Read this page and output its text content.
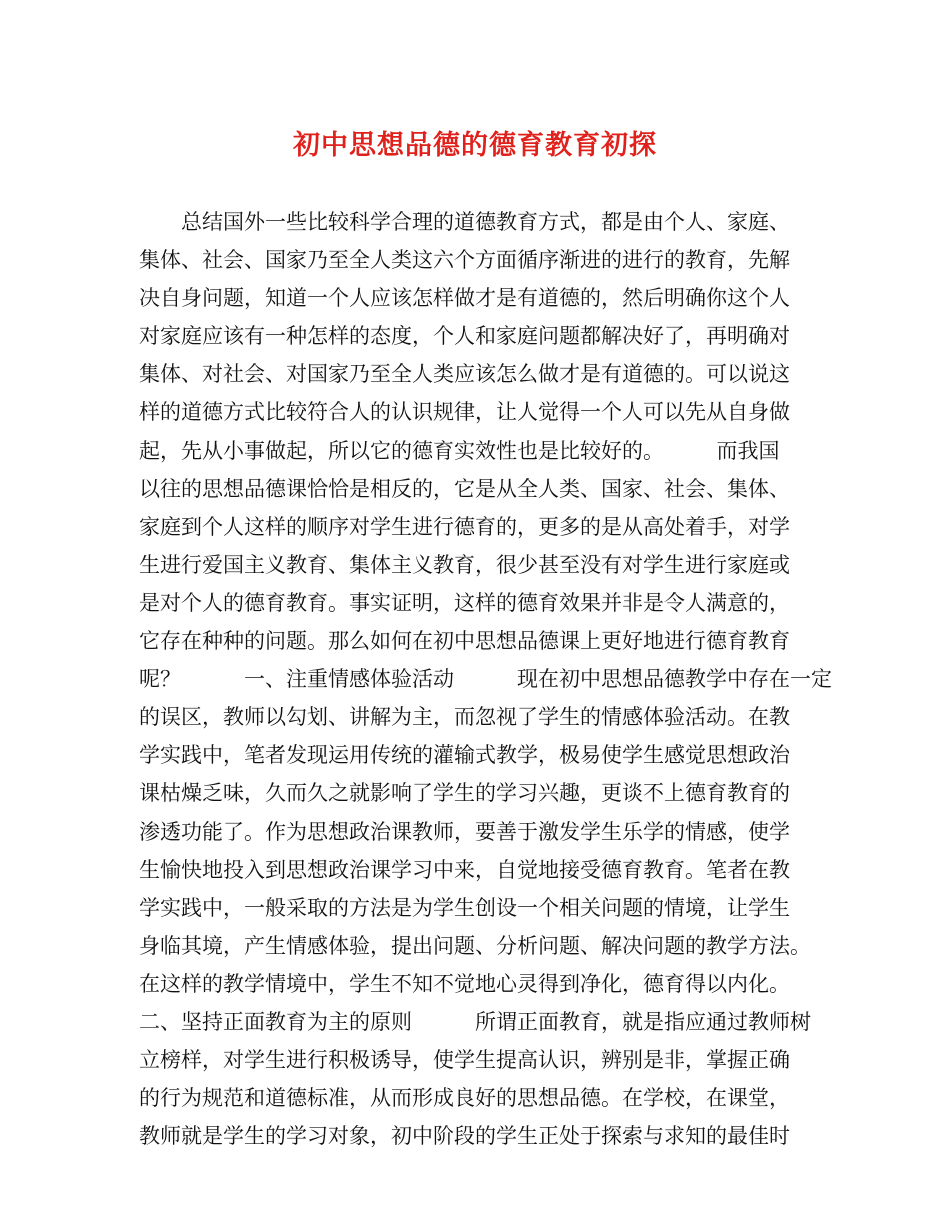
初中思想品德的德育教育初探
　　总结国外一些比较科学合理的道德教育方式，都是由个人、家庭、
集体、社会、国家乃至全人类这六个方面循序渐进的进行的教育，先解
决自身问题，知道一个人应该怎样做才是有道德的，然后明确你这个人
对家庭应该有一种怎样的态度，个人和家庭问题都解决好了，再明确对
集体、对社会、对国家乃至全人类应该怎么做才是有道德的。可以说这
样的道德方式比较符合人的认识规律，让人觉得一个人可以先从自身做
起，先从小事做起，所以它的德育实效性也是比较好的。　　　而我国
以往的思想品德课恰恰是相反的，它是从全人类、国家、社会、集体、
家庭到个人这样的顺序对学生进行德育的，更多的是从高处着手，对学
生进行爱国主义教育、集体主义教育，很少甚至没有对学生进行家庭或
是对个人的德育教育。事实证明，这样的德育效果并非是令人满意的，
它存在种种的问题。那么如何在初中思想品德课上更好地进行德育教育
呢？　　　一、注重情感体验活动　　　现在初中思想品德教学中存在一定
的误区，教师以勾划、讲解为主，而忽视了学生的情感体验活动。在教
学实践中，笔者发现运用传统的灌输式教学，极易使学生感觉思想政治
课枯燥乏味，久而久之就影响了学生的学习兴趣，更谈不上德育教育的
渗透功能了。作为思想政治课教师，要善于激发学生乐学的情感，使学
生愉快地投入到思想政治课学习中来，自觉地接受德育教育。笔者在教
学实践中，一般采取的方法是为学生创设一个相关问题的情境，让学生
身临其境，产生情感体验，提出问题、分析问题、解决问题的教学方法。
在这样的教学情境中，学生不知不觉地心灵得到净化，德育得以内化。
二、坚持正面教育为主的原则　　　所谓正面教育，就是指应通过教师树
立榜样，对学生进行积极诱导，使学生提高认识，辨别是非，掌握正确
的行为规范和道德标准，从而形成良好的思想品德。在学校，在课堂，
教师就是学生的学习对象，初中阶段的学生正处于探索与求知的最佳时
